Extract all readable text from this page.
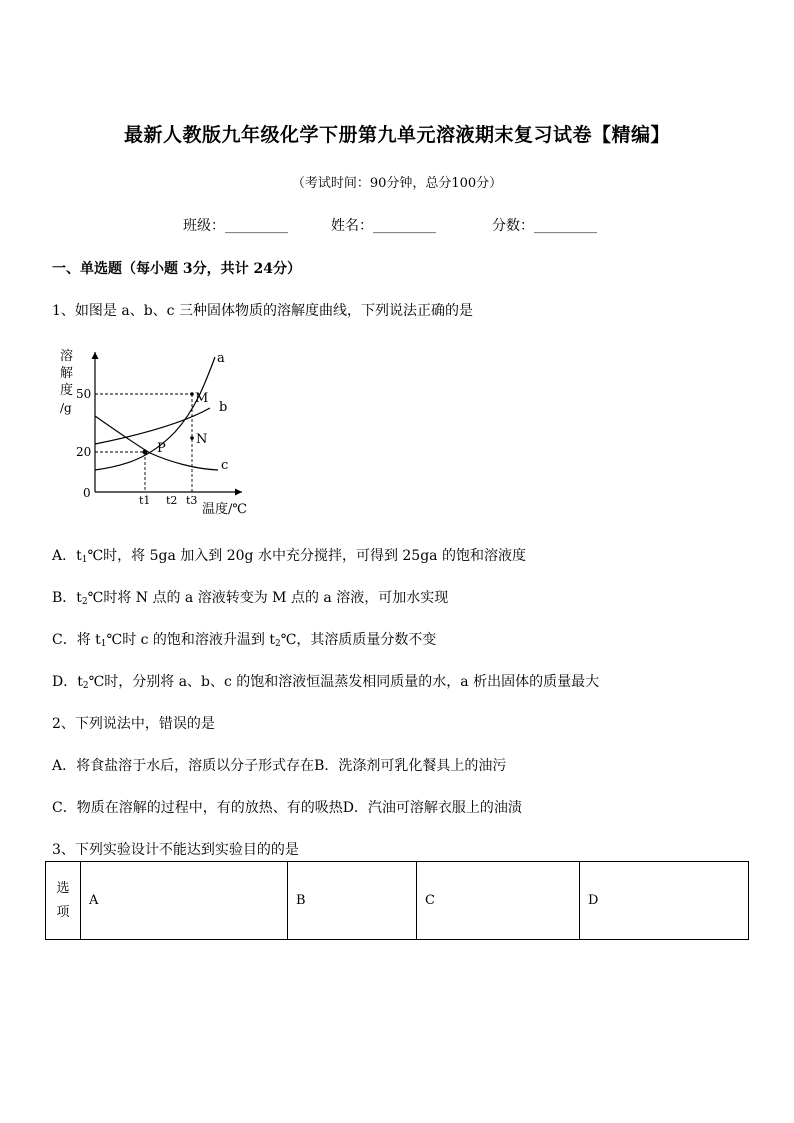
最新人教版九年级化学下册第九单元溶液期末复习试卷【精编】
（考试时间：90分钟，总分100分）
班级：_________	姓名：_________	分数：_________
一、单选题（每小题 3分，共计 24分）
1、如图是 a、b、c 三种固体物质的溶解度曲线，下列说法正确的是
溶
解
度
/g
0
20
50
a
b
c
P
M
N
t1 t2 t3
温度/℃
A．$t_1℃$时，将 5ga 加入到 20g 水中充分搅拌，可得到 25ga 的饱和溶液度
B．$t_2℃$时将 N 点的 a 溶液转变为 M 点的 a 溶液，可加水实现
C．将 $t_1℃$时 c 的饱和溶液升温到 $t_2℃$，其溶质质量分数不变
D．$t_2℃$时，分别将 a、b、c 的饱和溶液恒温蒸发相同质量的水，a 析出固体的质量最大
2、下列说法中，错误的是
A．将食盐溶于水后，溶质以分子形式存在B．洗涤剂可乳化餐具上的油污
C．物质在溶解的过程中，有的放热、有的吸热D．汽油可溶解衣服上的油渍
3、下列实验设计不能达到实验目的的是
选
项
	A	B	C	D
